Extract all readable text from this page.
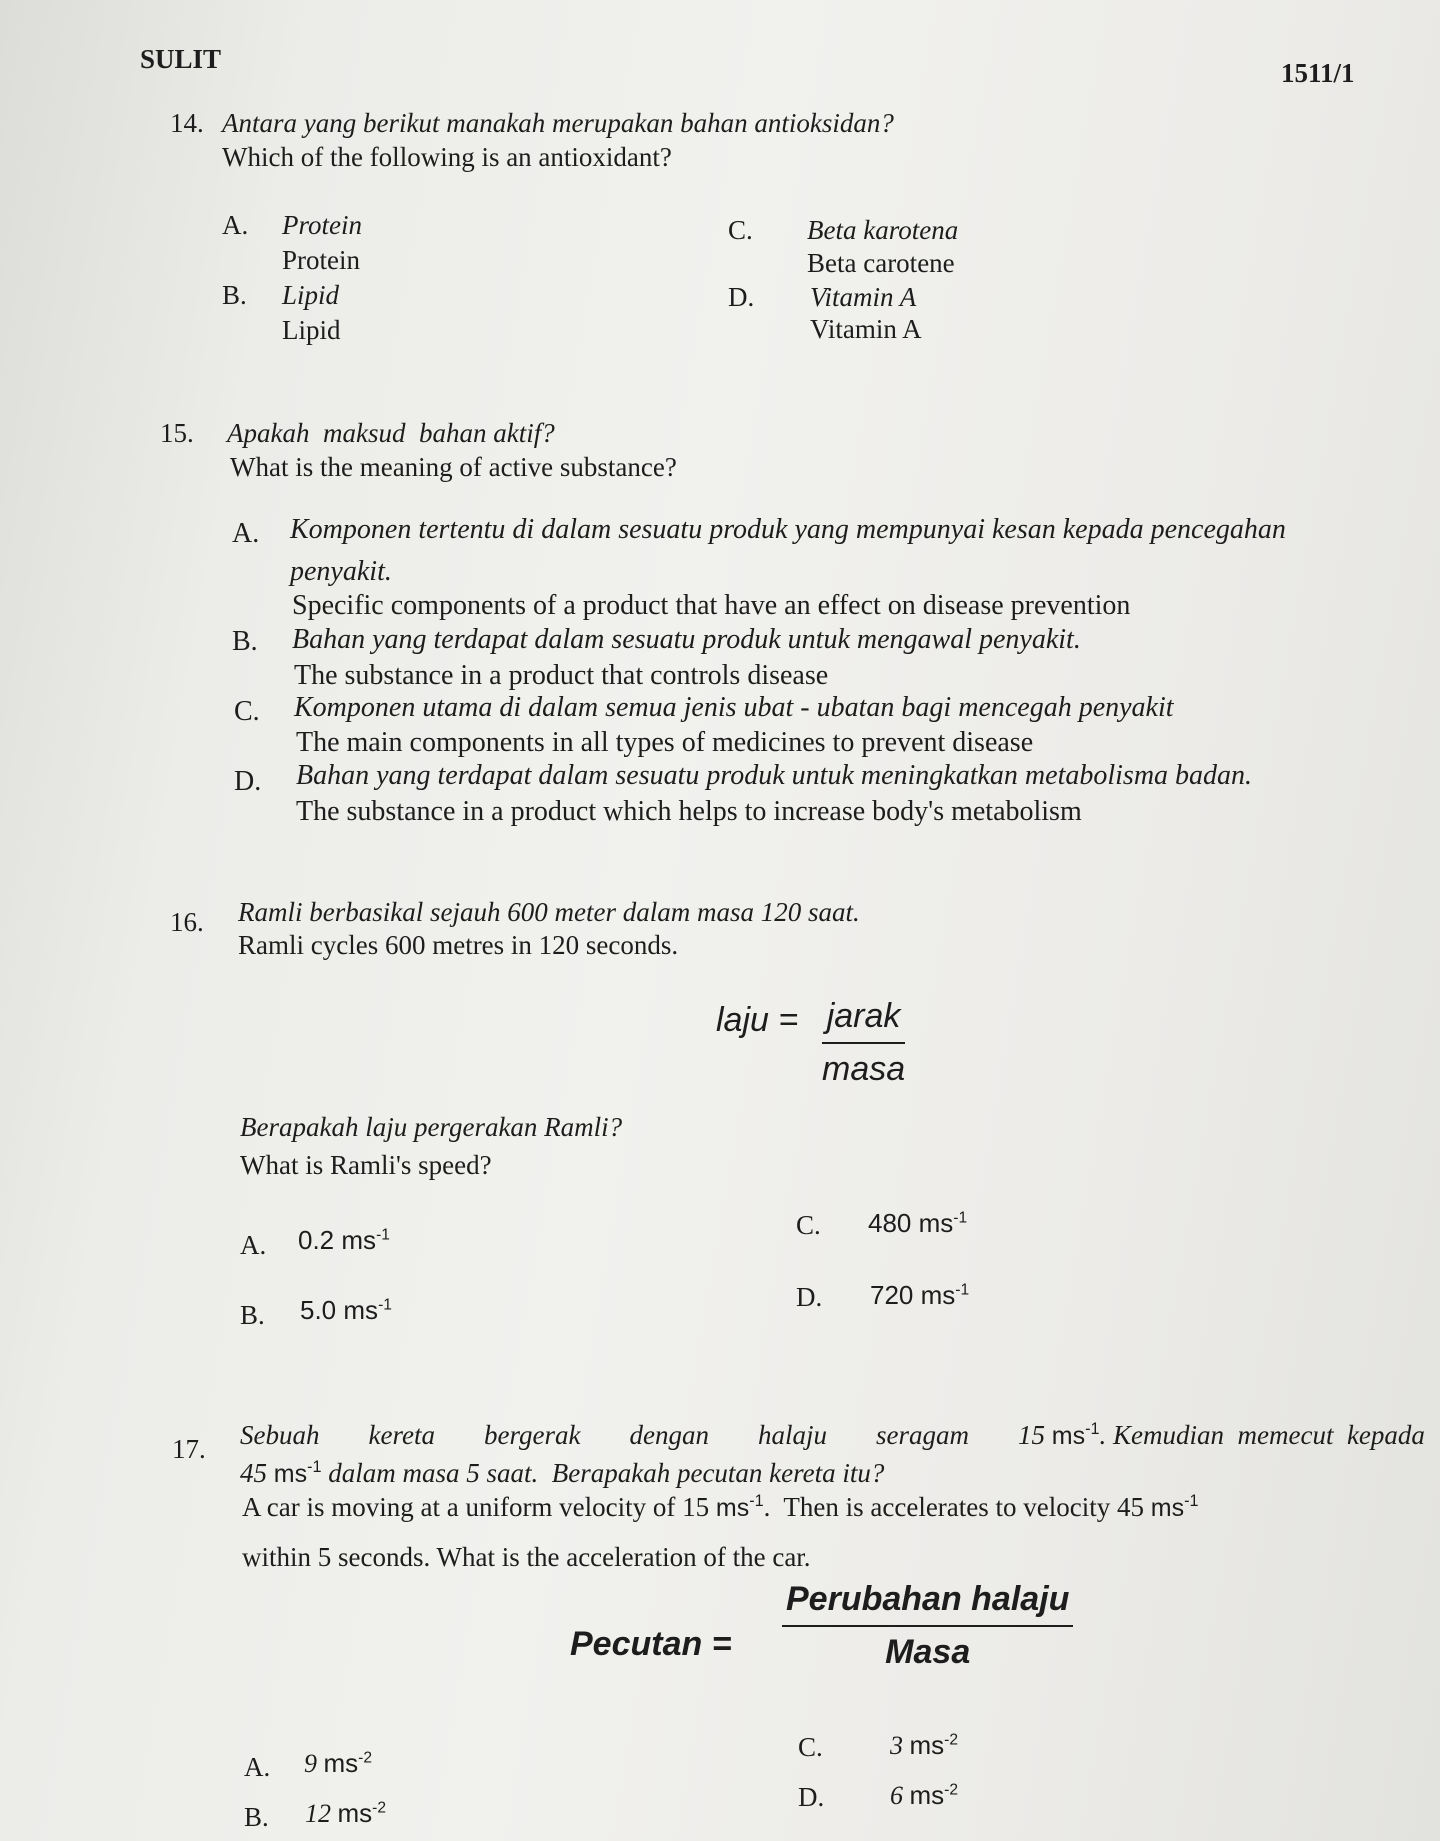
SULIT	1511/1
14. Antara yang berikut manakah merupakan bahan antioksidan?
Which of the following is an antioxidant?
A. Protein
Protein
B. Lipid
Lipid
C. Beta karotena
Beta carotene
D. Vitamin A
Vitamin A
15. Apakah  maksud  bahan aktif?
What is the meaning of active substance?
A. Komponen tertentu di dalam sesuatu produk yang mempunyai kesan kepada pencegahan
penyakit.
Specific components of a product that have an effect on disease prevention
B. Bahan yang terdapat dalam sesuatu produk untuk mengawal penyakit.
The substance in a product that controls disease
C. Komponen utama di dalam semua jenis ubat - ubatan bagi mencegah penyakit
The main components in all types of medicines to prevent disease
D. Bahan yang terdapat dalam sesuatu produk untuk meningkatkan metabolisma badan.
The substance in a product which helps to increase body's metabolism
16. Ramli berbasikal sejauh 600 meter dalam masa 120 saat.
Ramli cycles 600 metres in 120 seconds.
laju = jarak
masa
Berapakah laju pergerakan Ramli?
What is Ramli's speed?
A. 0.2 $ms^{-1}$
B. 5.0 $ms^{-1}$
C. 480 $ms^{-1}$
D. 720 $ms^{-1}$
17. Sebuah kereta bergerak dengan halaju seragam 15 $ms^{-1}$. Kemudian  memecut  kepada
45 $ms^{-1}$ dalam masa 5 saat.  Berapakah pecutan kereta itu?
A car is moving at a uniform velocity of 15 $ms^{-1}$.  Then is accelerates to velocity 45 $ms^{-1}$
within 5 seconds. What is the acceleration of the car.
Pecutan =
Perubahan halaju
Masa
A. 9 $ms^{-2}$
B. 12 $ms^{-2}$
C.	3 $ms^{-2}$
D.	6 $ms^{-2}$
